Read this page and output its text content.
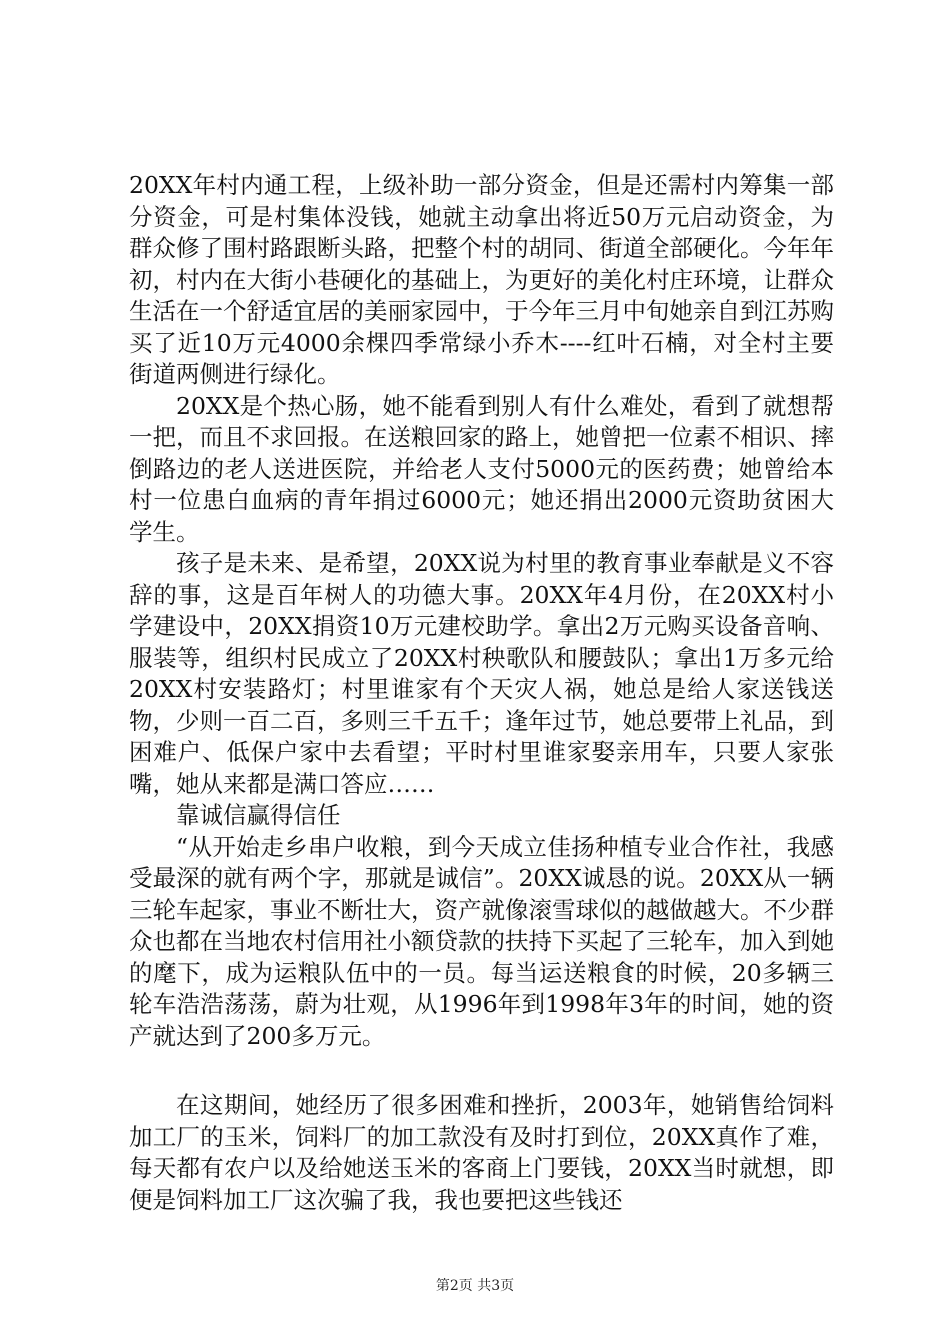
20XX年村内通工程，上级补助一部分资金，但是还需村内筹集一部分资金，可是村集体没钱，她就主动拿出将近50万元启动资金，为群众修了围村路跟断头路，把整个村的胡同、街道全部硬化。今年年初，村内在大街小巷硬化的基础上，为更好的美化村庄环境，让群众生活在一个舒适宜居的美丽家园中，于今年三月中旬她亲自到江苏购买了近10万元4000余棵四季常绿小乔木----红叶石楠，对全村主要街道两侧进行绿化。

20XX是个热心肠，她不能看到别人有什么难处，看到了就想帮一把，而且不求回报。在送粮回家的路上，她曾把一位素不相识、摔倒路边的老人送进医院，并给老人支付5000元的医药费；她曾给本村一位患白血病的青年捐过6000元；她还捐出2000元资助贫困大学生。

孩子是未来、是希望，20XX说为村里的教育事业奉献是义不容辞的事，这是百年树人的功德大事。20XX年4月份，在20XX村小学建设中，20XX捐资10万元建校助学。拿出2万元购买设备音响、服装等，组织村民成立了20XX村秧歌队和腰鼓队；拿出1万多元给20XX村安装路灯；村里谁家有个天灾人祸，她总是给人家送钱送物，少则一百二百，多则三千五千；逢年过节，她总要带上礼品，到困难户、低保户家中去看望；平时村里谁家娶亲用车，只要人家张嘴，她从来都是满口答应……

靠诚信赢得信任

“从开始走乡串户收粮，到今天成立佳扬种植专业合作社，我感受最深的就有两个字，那就是诚信”。20XX诚恳的说。20XX从一辆三轮车起家，事业不断壮大，资产就像滚雪球似的越做越大。不少群众也都在当地农村信用社小额贷款的扶持下买起了三轮车，加入到她的麾下，成为运粮队伍中的一员。每当运送粮食的时候，20多辆三轮车浩浩荡荡，蔚为壮观，从1996年到1998年3年的时间，她的资产就达到了200多万元。

在这期间，她经历了很多困难和挫折，2003年，她销售给饲料加工厂的玉米，饲料厂的加工款没有及时打到位，20XX真作了难，每天都有农户以及给她送玉米的客商上门要钱，20XX当时就想，即便是饲料加工厂这次骗了我，我也要把这些钱还

第2页 共3页
